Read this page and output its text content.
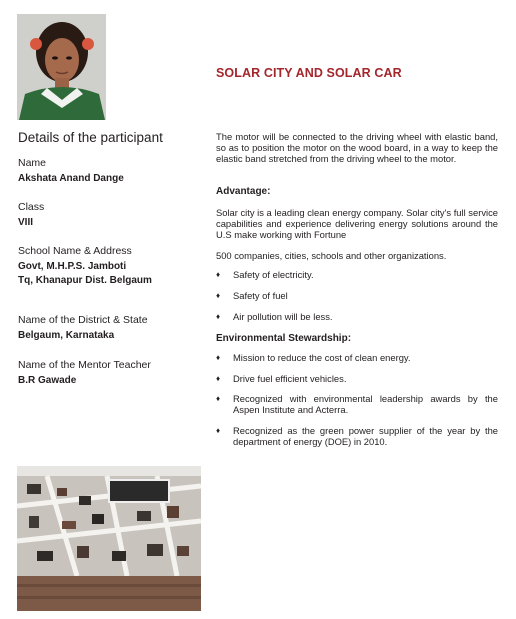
Details of the participant
Name
Akshata Anand Dange
Class
VIII
School Name & Address
Govt, M.H.P.S. Jamboti
Tq, Khanapur Dist. Belgaum
Name of the District & State
Belgaum, Karnataka
Name of the Mentor Teacher
B.R Gawade
SOLAR CITY AND SOLAR CAR
The motor will be connected to the driving wheel with elastic band, so as to position the motor on the wood board, in a way to keep the elastic band stretched from the driving wheel to the motor.
Advantage:
Solar city is a leading clean energy company. Solar city's full service capabilities and experience delivering energy solutions around the U.S make working with Fortune
500 companies, cities, schools and other organizations.
♦ Safety of electricity.
♦ Safety of fuel
♦ Air pollution will be less.
Environmental Stewardship:
♦ Mission to reduce the cost of clean energy.
♦ Drive fuel efficient vehicles.
♦ Recognized with environmental leadership awards by the Aspen Institute and Acterra.
♦ Recognized as the green power supplier of the year by the department of energy (DOE) in 2010.
